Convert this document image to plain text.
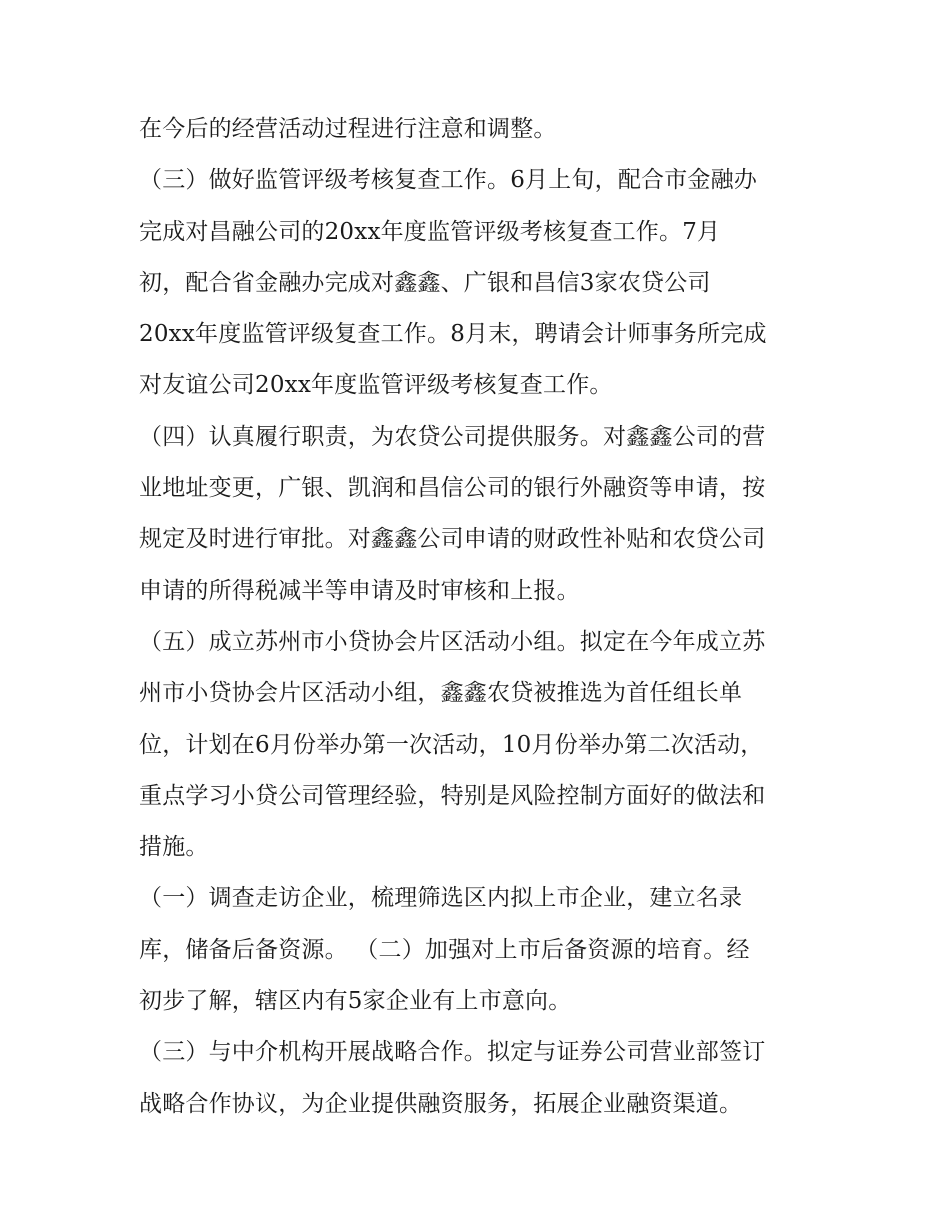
在今后的经营活动过程进行注意和调整。
（三）做好监管评级考核复查工作。6月上旬，配合市金融办
完成对昌融公司的20xx年度监管评级考核复查工作。7月
初，配合省金融办完成对鑫鑫、广银和昌信3家农贷公司
20xx年度监管评级复查工作。8月末，聘请会计师事务所完成
对友谊公司20xx年度监管评级考核复查工作。
（四）认真履行职责，为农贷公司提供服务。对鑫鑫公司的营
业地址变更，广银、凯润和昌信公司的银行外融资等申请，按
规定及时进行审批。对鑫鑫公司申请的财政性补贴和农贷公司
申请的所得税减半等申请及时审核和上报。
（五）成立苏州市小贷协会片区活动小组。拟定在今年成立苏
州市小贷协会片区活动小组，鑫鑫农贷被推选为首任组长单
位，计划在6月份举办第一次活动，10月份举办第二次活动，
重点学习小贷公司管理经验，特别是风险控制方面好的做法和
措施。
（一）调查走访企业，梳理筛选区内拟上市企业，建立名录
库，储备后备资源。 （二）加强对上市后备资源的培育。经
初步了解，辖区内有5家企业有上市意向。
（三）与中介机构开展战略合作。拟定与证券公司营业部签订
战略合作协议，为企业提供融资服务，拓展企业融资渠道。
